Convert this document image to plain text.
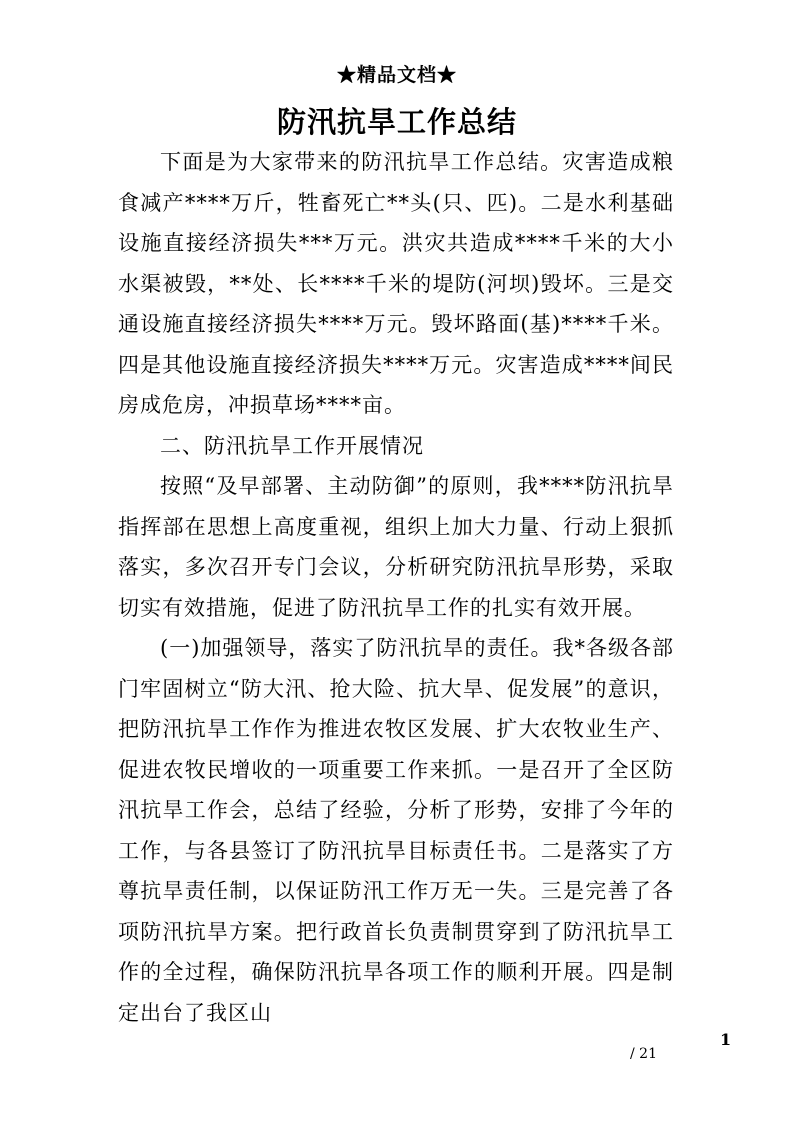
★精品文档★
防汛抗旱工作总结

下面是为大家带来的防汛抗旱工作总结。灾害造成粮食减产****万斤，牲畜死亡**头(只、匹)。二是水利基础设施直接经济损失***万元。洪灾共造成****千米的大小水渠被毁，**处、长****千米的堤防(河坝)毁坏。三是交通设施直接经济损失****万元。毁坏路面(基)****千米。四是其他设施直接经济损失****万元。灾害造成****间民房成危房，冲损草场****亩。

二、防汛抗旱工作开展情况

按照“及早部署、主动防御”的原则，我****防汛抗旱指挥部在思想上高度重视，组织上加大力量、行动上狠抓落实，多次召开专门会议，分析研究防汛抗旱形势，采取切实有效措施，促进了防汛抗旱工作的扎实有效开展。

(一)加强领导，落实了防汛抗旱的责任。我*各级各部门牢固树立“防大汛、抢大险、抗大旱、促发展”的意识，把防汛抗旱工作作为推进农牧区发展、扩大农牧业生产、促进农牧民增收的一项重要工作来抓。一是召开了全区防汛抗旱工作会，总结了经验，分析了形势，安排了今年的工作，与各县签订了防汛抗旱目标责任书。二是落实了方尊抗旱责任制，以保证防汛工作万无一失。三是完善了各项防汛抗旱方案。把行政首长负责制贯穿到了防汛抗旱工作的全过程，确保防汛抗旱各项工作的顺利开展。四是制定出台了我区山

1
/ 21
